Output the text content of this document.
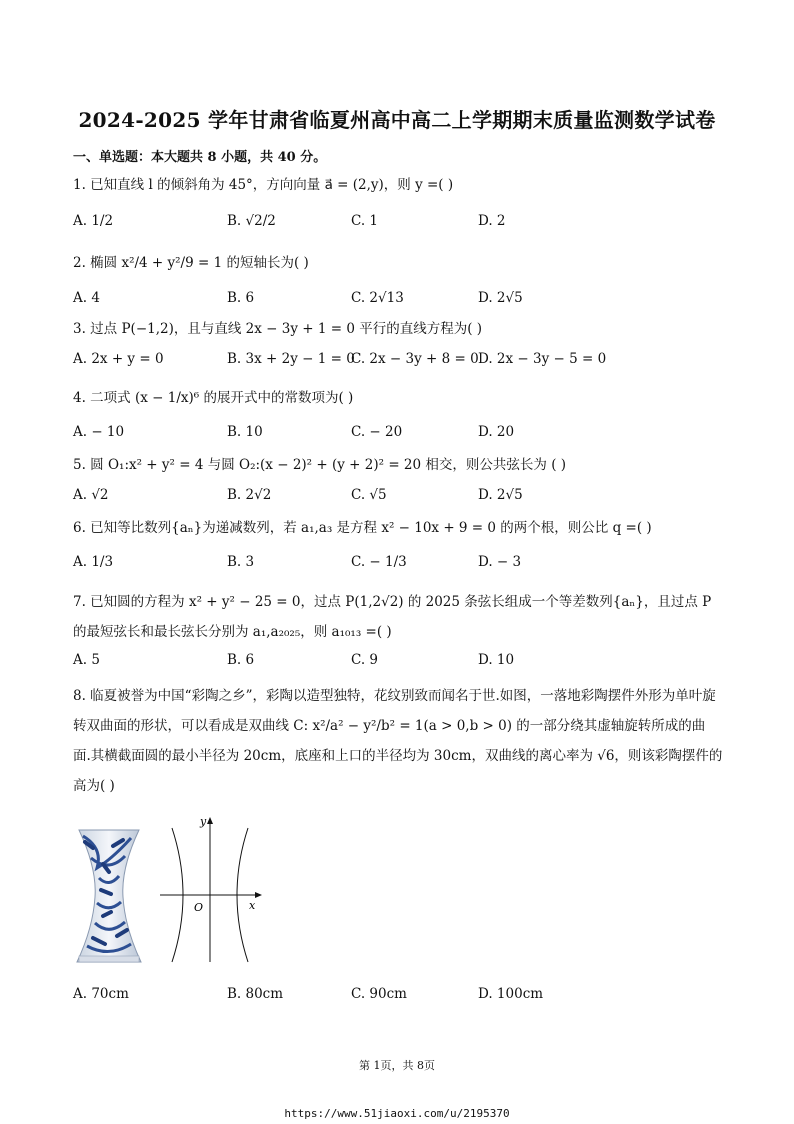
2024-2025 学年甘肃省临夏州高中高二上学期期末质量监测数学试卷
一、单选题：本大题共 8 小题，共 40 分。
1. 已知直线 l 的倾斜角为 45°，方向向量 a⃗ = (2,y)，则 y =( )
A. 1/2	B. √2/2	C. 1	D. 2
2. 椭圆 x²/4 + y²/9 = 1 的短轴长为( )
A. 4	B. 6	C. 2√13	D. 2√5
3. 过点 P(−1,2)，且与直线 2x − 3y + 1 = 0 平行的直线方程为( )
A. 2x + y = 0	B. 3x + 2y − 1 = 0
C. 2x − 3y + 8 = 0 D. 2x − 3y − 5 = 0
4. 二项式 (x − 1/x)⁶ 的展开式中的常数项为( )
A. − 10	B. 10	C. − 20	D. 20
5. 圆 O₁:x² + y² = 4 与圆 O₂:(x − 2)² + (y + 2)² = 20 相交，则公共弦长为 ( )
A. √2	B. 2√2	C. √5	D. 2√5
6. 已知等比数列{aₙ}为递减数列，若 a₁,a₃ 是方程 x² − 10x + 9 = 0 的两个根，则公比 q =( )
A. 1/3	B. 3	C. − 1/3	D. − 3
7. 已知圆的方程为 x² + y² − 25 = 0，过点 P(1,2√2) 的 2025 条弦长组成一个等差数列{aₙ}，且过点 P 的最短弦长和最长弦长分别为 a₁,a₂₀₂₅，则 a₁₀₁₃ =( )
A. 5	B. 6	C. 9	D. 10
8. 临夏被誉为中国“彩陶之乡”，彩陶以造型独特，花纹别致而闻名于世.如图，一落地彩陶摆件外形为单叶旋转双曲面的形状，可以看成是双曲线 C: x²/a² − y²/b² = 1(a > 0,b > 0) 的一部分绕其虚轴旋转所成的曲面.其横截面圆的最小半径为 20cm，底座和上口的半径均为 30cm，双曲线的离心率为 √6，则该彩陶摆件的高为( )
y
x
O
A. 70cm	B. 80cm	C. 90cm	D. 100cm
第 1页，共 8页
https://www.51jiaoxi.com/u/2195370
